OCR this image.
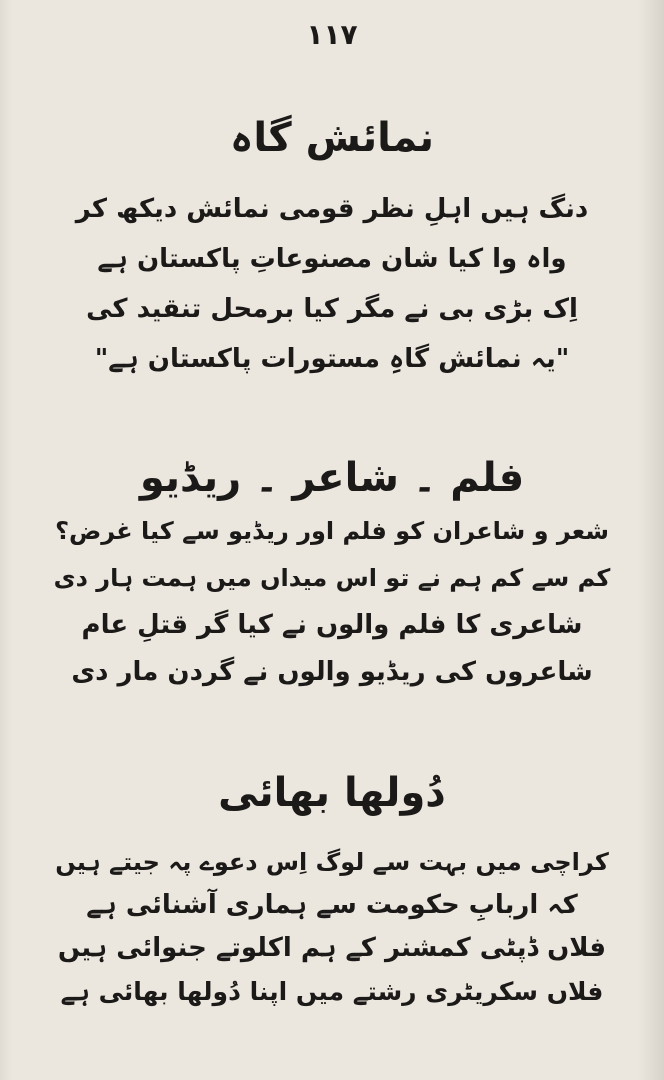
١١٧
نمائش گاہ
دنگ ہیں اہلِ نظر قومی نمائش دیکھ کر
واہ وا کیا شان مصنوعاتِ پاکستان ہے
اِک بڑی بی نے مگر کیا برمحل تنقید کی
"یہ نمائش گاہِ مستورات پاکستان ہے"
فلم ۔ شاعر ۔ ریڈیو
شعر و شاعران کو فلم اور ریڈیو سے کیا غرض؟
کم سے کم ہم نے تو اس میداں میں ہمت ہار دی
شاعری کا فلم والوں نے کیا گر قتلِ عام
شاعروں کی ریڈیو والوں نے گردن مار دی
دُولھا بھائی
کراچی میں بہت سے لوگ اِس دعوے پہ جیتے ہیں
کہ اربابِ حکومت سے ہماری آشنائی ہے
فلاں ڈپٹی کمشنر کے ہم اکلوتے جنوائی ہیں
فلاں سکریٹری رشتے میں اپنا دُولھا بھائی ہے
